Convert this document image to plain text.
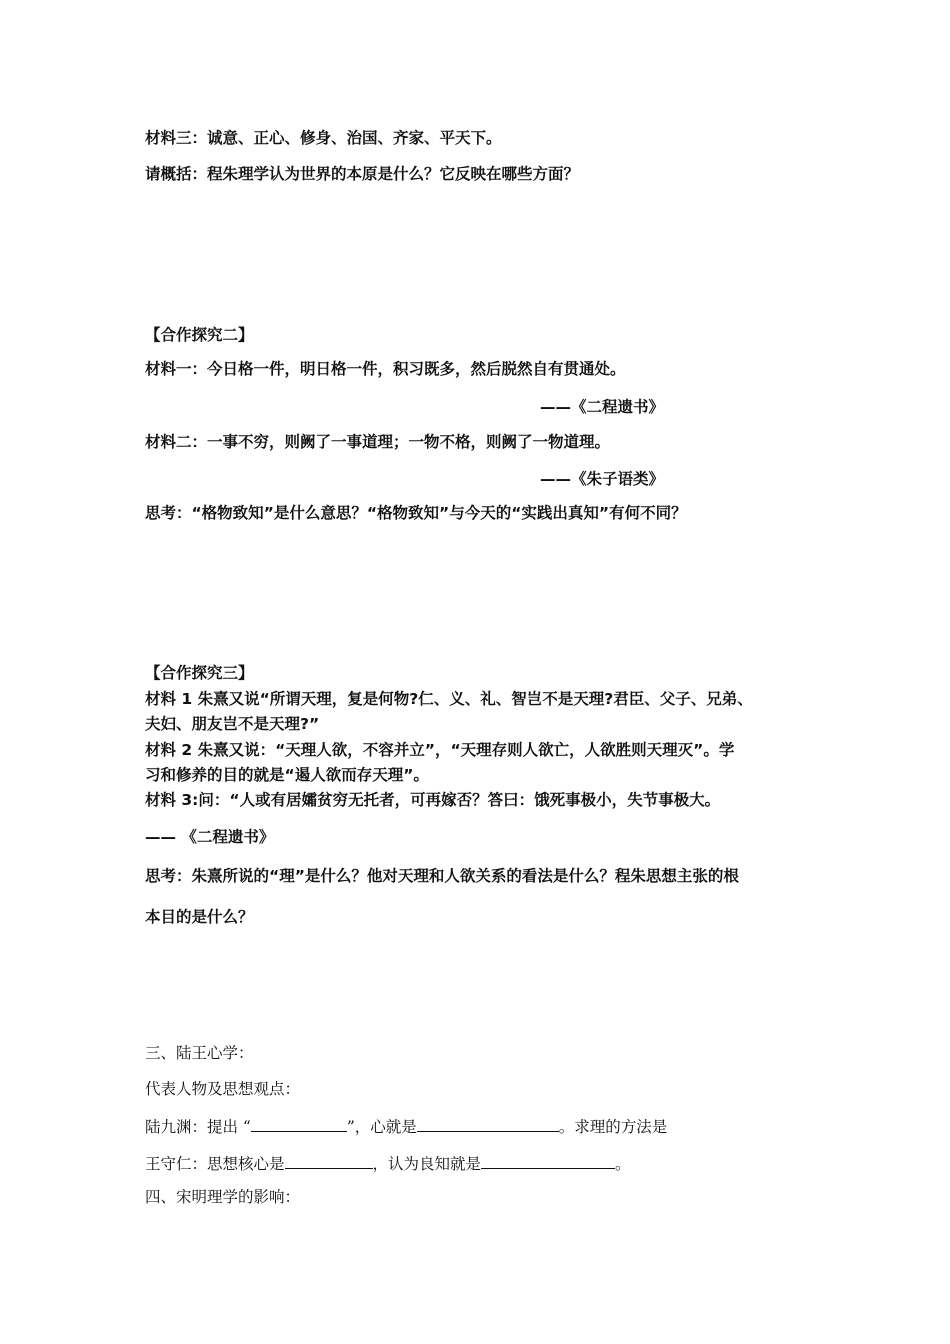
材料三：诚意、正心、修身、治国、齐家、平天下。
请概括：程朱理学认为世界的本原是什么？它反映在哪些方面？
【合作探究二】
材料一：今日格一件，明日格一件，积习既多，然后脱然自有贯通处。
——《二程遗书》
材料二：一事不穷，则阙了一事道理；一物不格，则阙了一物道理。
——《朱子语类》
思考：“格物致知”是什么意思？“格物致知”与今天的“实践出真知”有何不同？
【合作探究三】
材料 1 朱熹又说“所谓天理，复是何物?仁、义、礼、智岂不是天理?君臣、父子、兄弟、
夫妇、朋友岂不是天理?”
材料 2 朱熹又说：“天理人欲，不容并立”，“天理存则人欲亡，人欲胜则天理灭”。学
习和修养的目的就是“遏人欲而存天理”。
材料 3:问：“人或有居孀贫穷无托者，可再嫁否？答曰：饿死事极小，失节事极大。
—— 《二程遗书》
思考：朱熹所说的“理”是什么？他对天理和人欲关系的看法是什么？程朱思想主张的根
本目的是什么？
三、陆王心学：
代表人物及思想观点：
陆九渊：提出 “	”，心就是	。求理的方法是
王守仁：思想核心是	，认为良知就是	。
四、宋明理学的影响：
